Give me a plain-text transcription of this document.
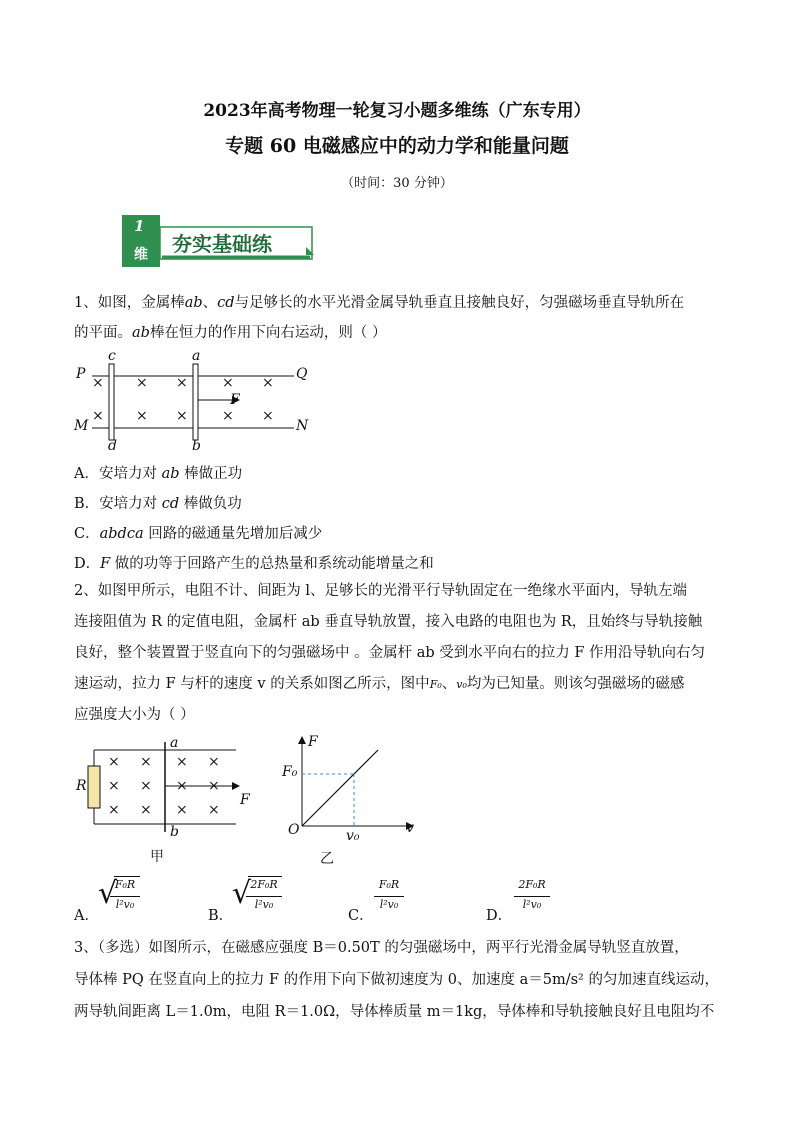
2023年高考物理一轮复习小题多维练（广东专用）
专题 60 电磁感应中的动力学和能量问题
（时间：30 分钟）
1
维 夯实基础练
1、如图，金属棒ab、cd与足够长的水平光滑金属导轨垂直且接触良好，匀强磁场垂直导轨所在
的平面。ab棒在恒力的作用下向右运动，则（ ）
P	Q
M	N
c
d
a
b
F
× × × × ×
× × × × ×
A．安培力对 ab 棒做正功
B．安培力对 cd 棒做负功
C．abdca 回路的磁通量先增加后减少
D．F 做的功等于回路产生的总热量和系统动能增量之和
2、如图甲所示，电阻不计、间距为 l、足够长的光滑平行导轨固定在一绝缘水平面内，导轨左端
连接阻值为 R 的定值电阻，金属杆 ab 垂直导轨放置，接入电路的电阻也为 R，且始终与导轨接触
良好，整个装置置于竖直向下的匀强磁场中 。金属杆 ab 受到水平向右的拉力 F 作用沿导轨向右匀
速运动，拉力 F 与杆的速度 v 的关系如图乙所示，图中F₀、v₀均为已知量。则该匀强磁场的磁感
应强度大小为（ ）
R
a
b
F
甲
× × × ×
× × × ×
× × × ×
F
F₀
O	v₀	v
乙
A．
√
F₀R
l²v₀
B．
√ 2F₀R
l²v₀
C．
F₀R
l²v₀
D．
2F₀R
l²v₀
3、（多选）如图所示，在磁感应强度 B＝0.50T 的匀强磁场中，两平行光滑金属导轨竖直放置，
导体棒 PQ 在竖直向上的拉力 F 的作用下向下做初速度为 0、加速度 a＝5m/s² 的匀加速直线运动，
两导轨间距离 L＝1.0m，电阻 R＝1.0Ω，导体棒质量 m＝1kg，导体棒和导轨接触良好且电阻均不
